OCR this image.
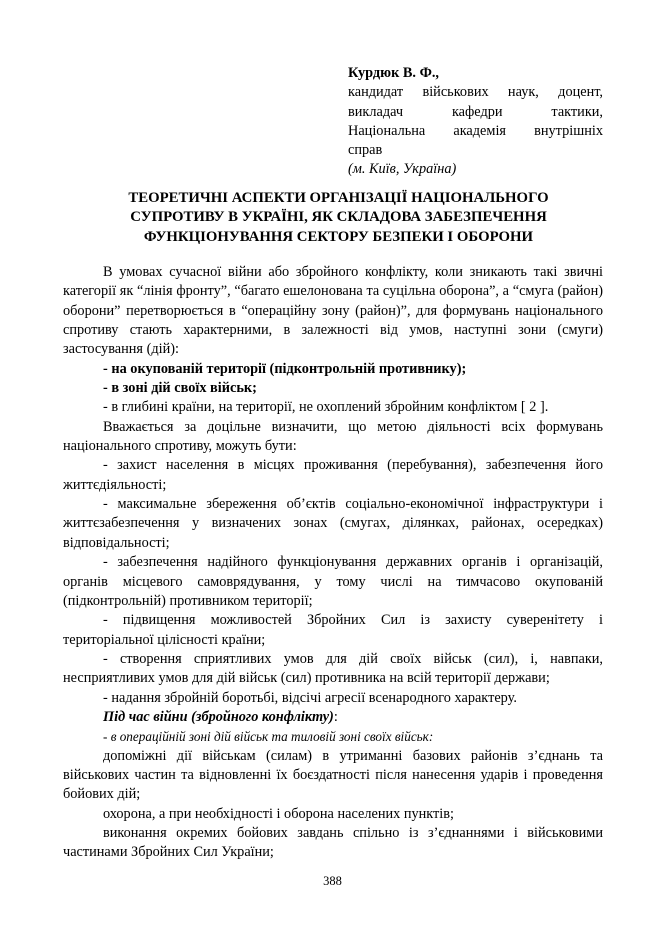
Курдюк В. Ф.,
кандидат військових наук, доцент,
викладач кафедри тактики,
Національна академія внутрішніх
справ
(м. Київ, Україна)
ТЕОРЕТИЧНІ АСПЕКТИ ОРГАНІЗАЦІЇ НАЦІОНАЛЬНОГО
СУПРОТИВУ В УКРАЇНІ, ЯК СКЛАДОВА ЗАБЕЗПЕЧЕННЯ
ФУНКЦІОНУВАННЯ СЕКТОРУ БЕЗПЕКИ І ОБОРОНИ

В умовах сучасної війни або збройного конфлікту, коли зникають такі звичні категорії як “лінія фронту”, “багато ешелонована та суцільна оборона”, а “смуга (район) оборони” перетворюється в “операційну зону (район)”, для формувань національного спротиву стають характерними, в залежності від умов, наступні зони (смуги) застосування (дій):

- на окупованій території (підконтрольній противнику);

- в зоні дій своїх військ;

- в глибині країни, на території, не охоплений збройним конфліктом [ 2 ].

Вважається за доцільне визначити, що метою діяльності всіх формувань національного спротиву, можуть бути:

- захист населення в місцях проживання (перебування), забезпечення його життєдіяльності;

- максимальне збереження об’єктів соціально-економічної інфраструктури і життєзабезпечення у визначених зонах (смугах, ділянках, районах, осередках) відповідальності;

- забезпечення надійного функціонування державних органів і організацій, органів місцевого самоврядування, у тому числі на тимчасово окупованій (підконтрольній) противником території;

- підвищення можливостей Збройних Сил із захисту суверенітету і територіальної цілісності країни;

- створення сприятливих умов для дій своїх військ (сил), і, навпаки, несприятливих умов для дій військ (сил) противника на всій території держави;

- надання збройній боротьбі, відсічі агресії всенародного характеру.

Під час війни (збройного конфлікту):

- в операційній зоні дій військ та тиловій зоні своїх військ:

допоміжні дії військам (силам) в утриманні базових районів з’єднань та військових частин та відновленні їх боєздатності після нанесення ударів і проведення бойових дій;

охорона, а при необхідності і оборона населених пунктів;

виконання окремих бойових завдань спільно із з’єднаннями і військовими частинами Збройних Сил України;

388
